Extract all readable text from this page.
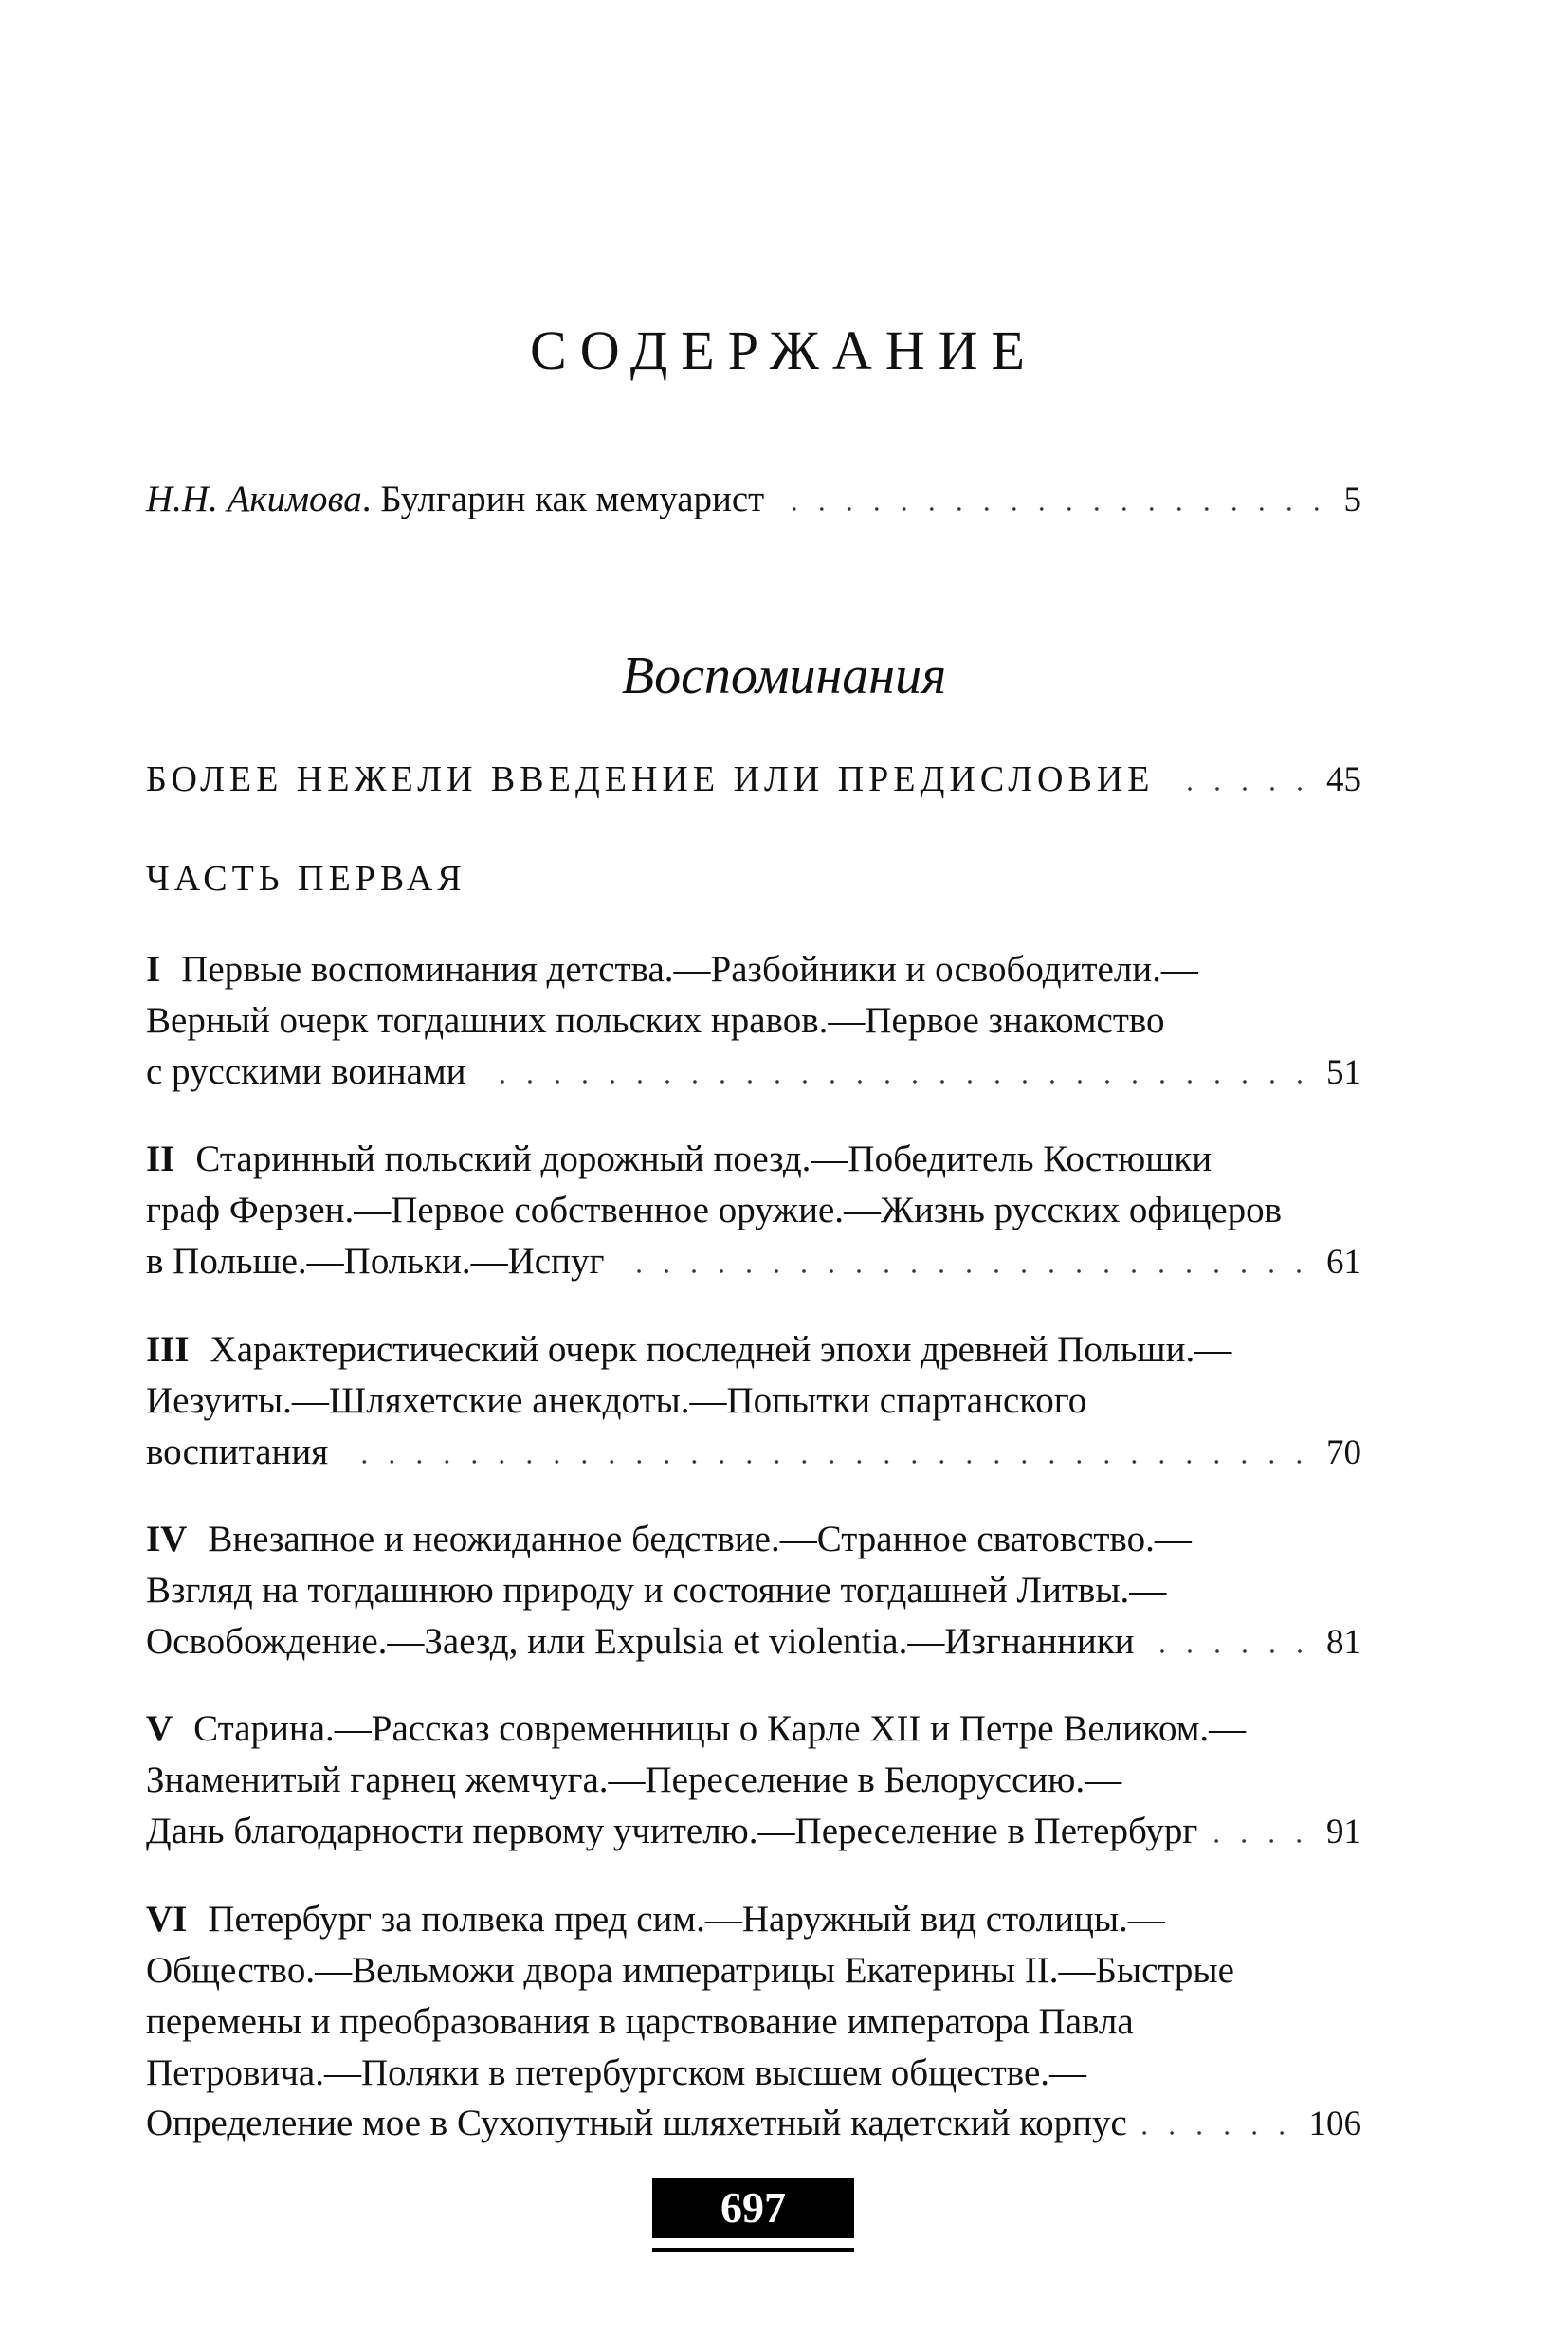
СОДЕРЖАНИЕ
Н.Н. Акимова. Булгарин как мемуарист	5
Воспоминания
БОЛЕЕ НЕЖЕЛИ ВВЕДЕНИЕ ИЛИ ПРЕДИСЛОВИЕ	45
ЧАСТЬ ПЕРВАЯ
I Первые воспоминания детства.—Разбойники и освободители.—
Верный очерк тогдашних польских нравов.—Первое знакомство
с русскими воинами	51
II Старинный польский дорожный поезд.—Победитель Костюшки
граф Ферзен.—Первое собственное оружие.—Жизнь русских офицеров
в Польше.—Польки.—Испуг	61
III Характеристический очерк последней эпохи древней Польши.—
Иезуиты.—Шляхетские анекдоты.—Попытки спартанского
воспитания	70
IV Внезапное и неожиданное бедствие.—Странное сватовство.—
Взгляд на тогдашнюю природу и состояние тогдашней Литвы.—
Освобождение.—Заезд, или Expulsia et violentia.—Изгнанники	81
V Старина.—Рассказ современницы о Карле XII и Петре Великом.—
Знаменитый гарнец жемчуга.—Переселение в Белоруссию.—
Дань благодарности первому учителю.—Переселение в Петербург	91
VI Петербург за полвека пред сим.—Наружный вид столицы.—
Общество.—Вельможи двора императрицы Екатерины II.—Быстрые
перемены и преобразования в царствование императора Павла
Петровича.—Поляки в петербургском высшем обществе.—
Определение мое в Сухопутный шляхетный кадетский корпус	106
697
